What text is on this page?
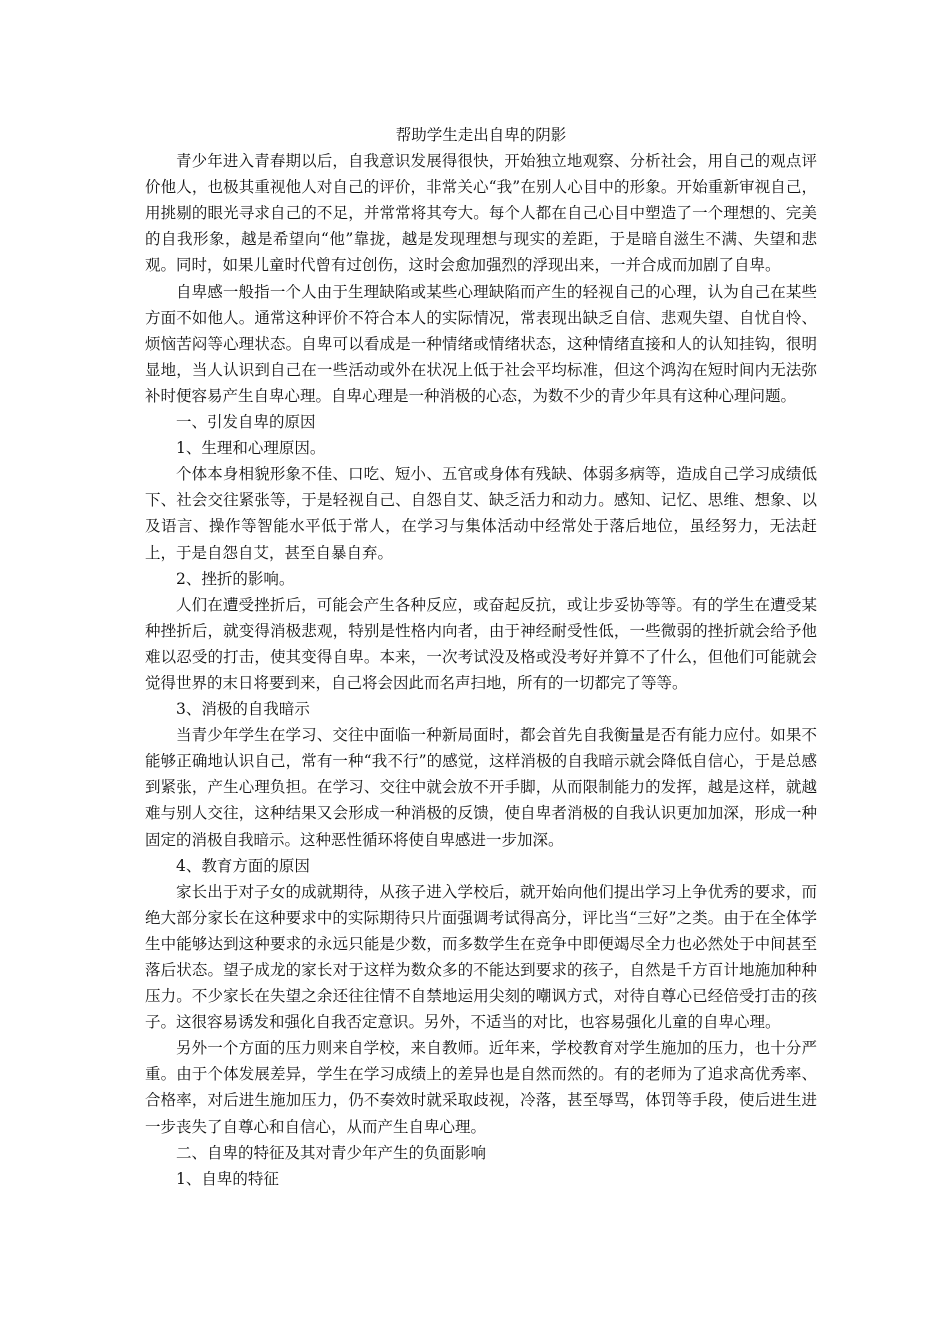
帮助学生走出自卑的阴影

青少年进入青春期以后，自我意识发展得很快，开始独立地观察、分析社会，用自己的观点评价他人，也极其重视他人对自己的评价，非常关心“我”在别人心目中的形象。开始重新审视自己，用挑剔的眼光寻求自己的不足，并常常将其夸大。每个人都在自己心目中塑造了一个理想的、完美的自我形象，越是希望向“他”靠拢，越是发现理想与现实的差距，于是暗自滋生不满、失望和悲观。同时，如果儿童时代曾有过创伤，这时会愈加强烈的浮现出来，一并合成而加剧了自卑。

自卑感一般指一个人由于生理缺陷或某些心理缺陷而产生的轻视自己的心理，认为自己在某些方面不如他人。通常这种评价不符合本人的实际情况，常表现出缺乏自信、悲观失望、自忧自怜、烦恼苦闷等心理状态。自卑可以看成是一种情绪或情绪状态，这种情绪直接和人的认知挂钩，很明显地，当人认识到自己在一些活动或外在状况上低于社会平均标准，但这个鸿沟在短时间内无法弥补时便容易产生自卑心理。自卑心理是一种消极的心态，为数不少的青少年具有这种心理问题。

一、引发自卑的原因

1、生理和心理原因。

个体本身相貌形象不佳、口吃、短小、五官或身体有残缺、体弱多病等，造成自己学习成绩低下、社会交往紧张等，于是轻视自己、自怨自艾、缺乏活力和动力。感知、记忆、思维、想象、以及语言、操作等智能水平低于常人，在学习与集体活动中经常处于落后地位，虽经努力，无法赶上，于是自怨自艾，甚至自暴自弃。

2、挫折的影响。

人们在遭受挫折后，可能会产生各种反应，或奋起反抗，或让步妥协等等。有的学生在遭受某种挫折后，就变得消极悲观，特别是性格内向者，由于神经耐受性低，一些微弱的挫折就会给予他难以忍受的打击，使其变得自卑。本来，一次考试没及格或没考好并算不了什么，但他们可能就会觉得世界的末日将要到来，自己将会因此而名声扫地，所有的一切都完了等等。

3、消极的自我暗示

当青少年学生在学习、交往中面临一种新局面时，都会首先自我衡量是否有能力应付。如果不能够正确地认识自己，常有一种“我不行”的感觉，这样消极的自我暗示就会降低自信心，于是总感到紧张，产生心理负担。在学习、交往中就会放不开手脚，从而限制能力的发挥，越是这样，就越难与别人交往，这种结果又会形成一种消极的反馈，使自卑者消极的自我认识更加加深，形成一种固定的消极自我暗示。这种恶性循环将使自卑感进一步加深。

4、教育方面的原因

家长出于对子女的成就期待，从孩子进入学校后，就开始向他们提出学习上争优秀的要求，而绝大部分家长在这种要求中的实际期待只片面强调考试得高分，评比当“三好”之类。由于在全体学生中能够达到这种要求的永远只能是少数，而多数学生在竞争中即便竭尽全力也必然处于中间甚至落后状态。望子成龙的家长对于这样为数众多的不能达到要求的孩子，自然是千方百计地施加种种压力。不少家长在失望之余还往往情不自禁地运用尖刻的嘲讽方式，对待自尊心已经倍受打击的孩子。这很容易诱发和强化自我否定意识。另外，不适当的对比，也容易强化儿童的自卑心理。

另外一个方面的压力则来自学校，来自教师。近年来，学校教育对学生施加的压力，也十分严重。由于个体发展差异，学生在学习成绩上的差异也是自然而然的。有的老师为了追求高优秀率、合格率，对后进生施加压力，仍不奏效时就采取歧视，冷落，甚至辱骂，体罚等手段，使后进生进一步丧失了自尊心和自信心，从而产生自卑心理。

二、自卑的特征及其对青少年产生的负面影响

1、自卑的特征
